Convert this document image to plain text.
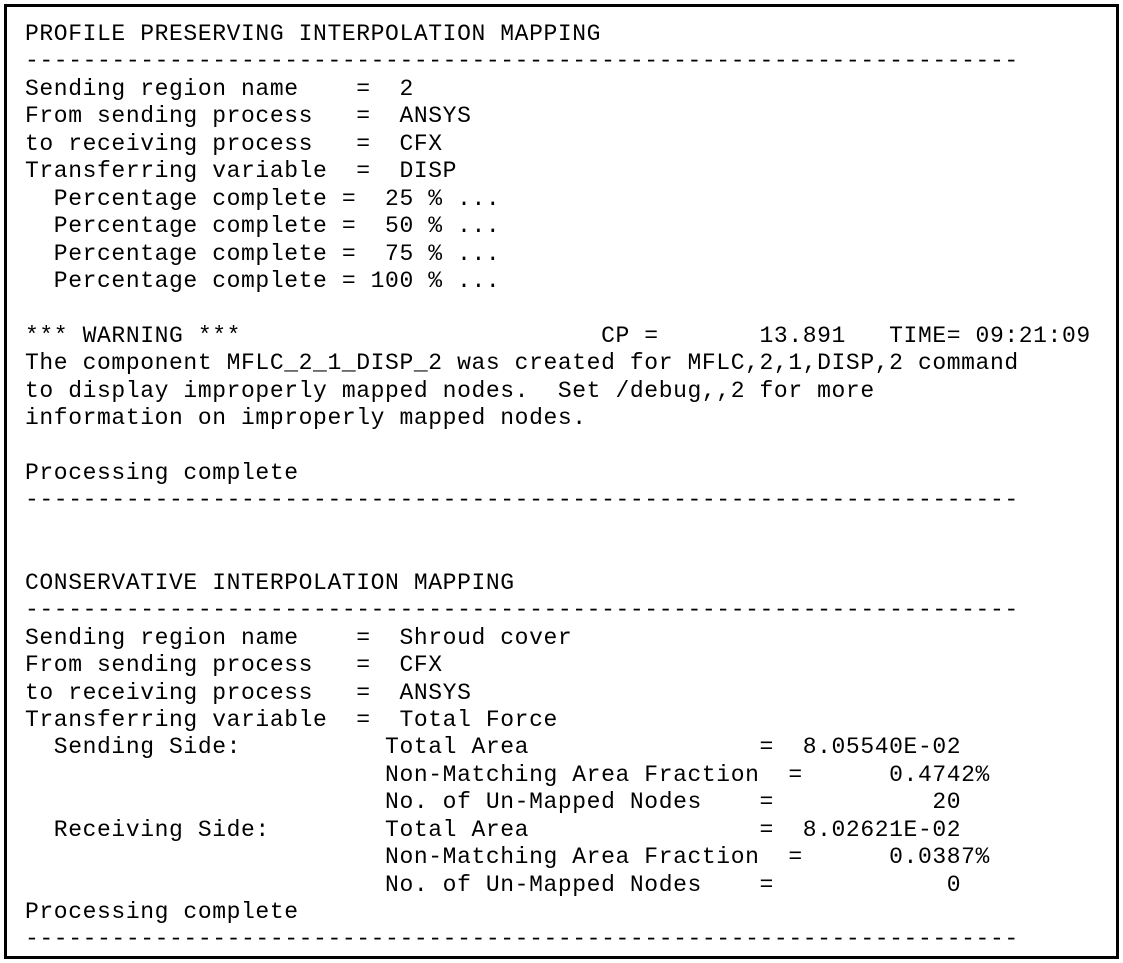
PROFILE PRESERVING INTERPOLATION MAPPING
---------------------------------------------------------------------
Sending region name    =  2
From sending process   =  ANSYS
to receiving process   =  CFX
Transferring variable  =  DISP
Percentage complete =  25 % ...
Percentage complete =  50 % ...
Percentage complete =  75 % ...
Percentage complete = 100 % ...
*** WARNING ***                         CP =       13.891   TIME= 09:21:09
The component MFLC_2_1_DISP_2 was created for MFLC,2,1,DISP,2 command
to display improperly mapped nodes.  Set /debug,,2 for more
information on improperly mapped nodes.
Processing complete
---------------------------------------------------------------------
CONSERVATIVE INTERPOLATION MAPPING
---------------------------------------------------------------------
Sending region name    =  Shroud cover
From sending process   =  CFX
to receiving process   =  ANSYS
Transferring variable  =  Total Force
Sending Side:          Total Area                =  8.05540E-02
Non-Matching Area Fraction  =      0.4742%
No. of Un-Mapped Nodes    =           20
Receiving Side:        Total Area                =  8.02621E-02
Non-Matching Area Fraction  =      0.0387%
No. of Un-Mapped Nodes    =            0
Processing complete
---------------------------------------------------------------------
